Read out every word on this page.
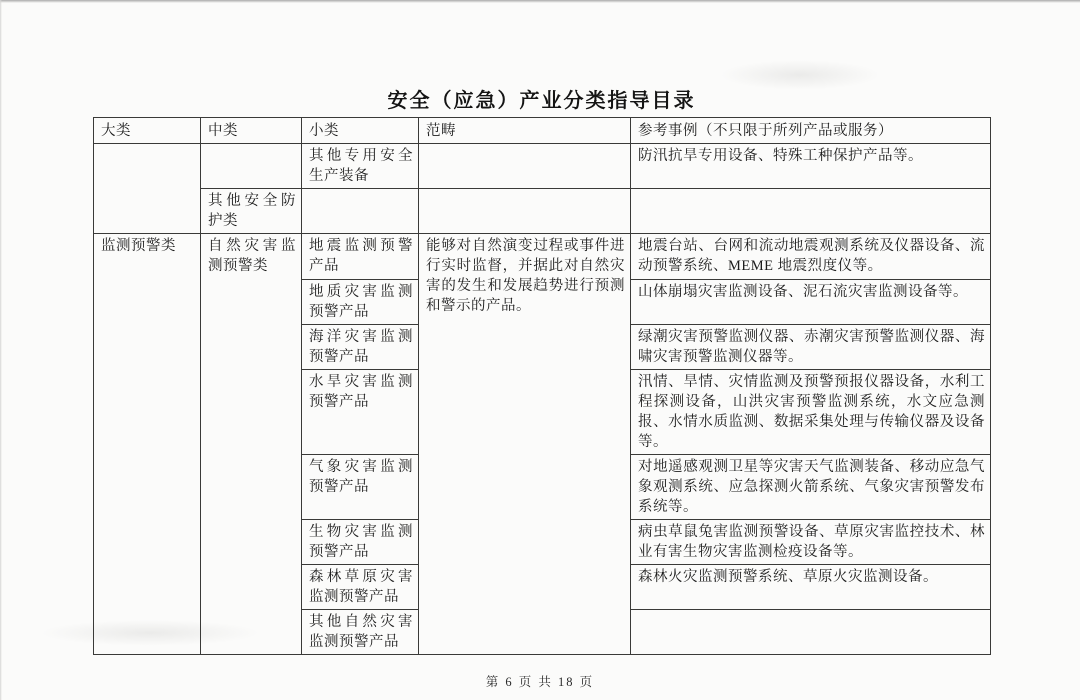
安全（应急）产业分类指导目录
大类	中类	小类	范畴	参考事例（不只限于所列产品或服务）
		其他专用安全生产装备		防汛抗旱专用设备、特殊工种保护产品等。
	其他安全防护类			
监测预警类	自然灾害监测预警类	地震监测预警产品	能够对自然演变过程或事件进行实时监督，并据此对自然灾害的发生和发展趋势进行预测和警示的产品。	地震台站、台网和流动地震观测系统及仪器设备、流动预警系统、MEME 地震烈度仪等。
		地质灾害监测预警产品		山体崩塌灾害监测设备、泥石流灾害监测设备等。
		海洋灾害监测预警产品		绿潮灾害预警监测仪器、赤潮灾害预警监测仪器、海啸灾害预警监测仪器等。
		水旱灾害监测预警产品		汛情、旱情、灾情监测及预警预报仪器设备，水利工程探测设备，山洪灾害预警监测系统，水文应急测报、水情水质监测、数据采集处理与传输仪器及设备等。
		气象灾害监测预警产品		对地遥感观测卫星等灾害天气监测装备、移动应急气象观测系统、应急探测火箭系统、气象灾害预警发布系统等。
		生物灾害监测预警产品		病虫草鼠兔害监测预警设备、草原灾害监控技术、林业有害生物灾害监测检疫设备等。
		森林草原灾害监测预警产品		森林火灾监测预警系统、草原火灾监测设备。
		其他自然灾害监测预警产品		
第 6 页 共 18 页
